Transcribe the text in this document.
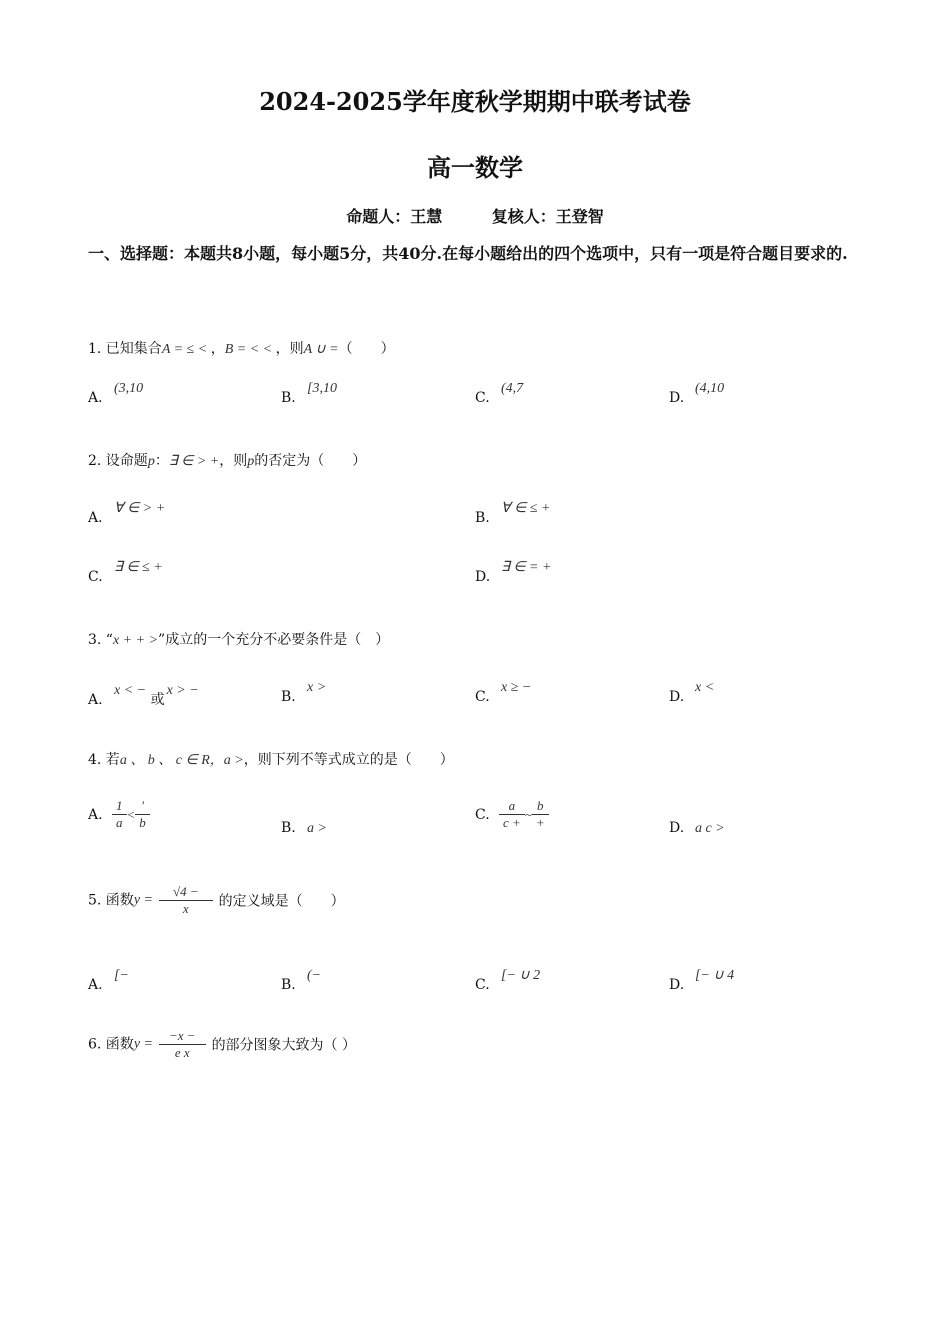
2024-2025学年度秋学期期中联考试卷
高一数学
命题人：王慧	复核人：王登智
一、选择题：本题共8小题，每小题5分，共40分.在每小题给出的四个选项中，只有一项是符合题目要求的.
1. 已知集合A = ≤ < ，B = < < ，则A ∪ =（　　）
A.(3,10
B.[3,10
C.(4,7
D.(4,10
2. 设命题p：∃ ∈ > +，则p的否定为（　　）
A.∀ ∈ > +
B.∀ ∈ ≤ +
C.∃ ∈ ≤ +
D.∃ ∈ = +
3. “x + + >”成立的一个充分不必要条件是（　）
A.x < − 或x > −	B.x >
C.x ≥ −
D.x <
4. 若a 、 b 、 c ∈ R，a >，则下列不等式成立的是（　　）
A. $\frac{1}{a} < \frac{'}{b}$	B. a >
C. $\frac{a}{c +}$ ~ $\frac{b}{+}$	D. a c >
5. 函数$y = \frac{√4 -}{x}$ 的定义域是（　　）
A.[−
B.(−
C.[− ∪ 2
D.[− ∪ 4
6. 函数$y = \frac{-x -}{\text{e x}}$ 的部分图象大致为（ ）
